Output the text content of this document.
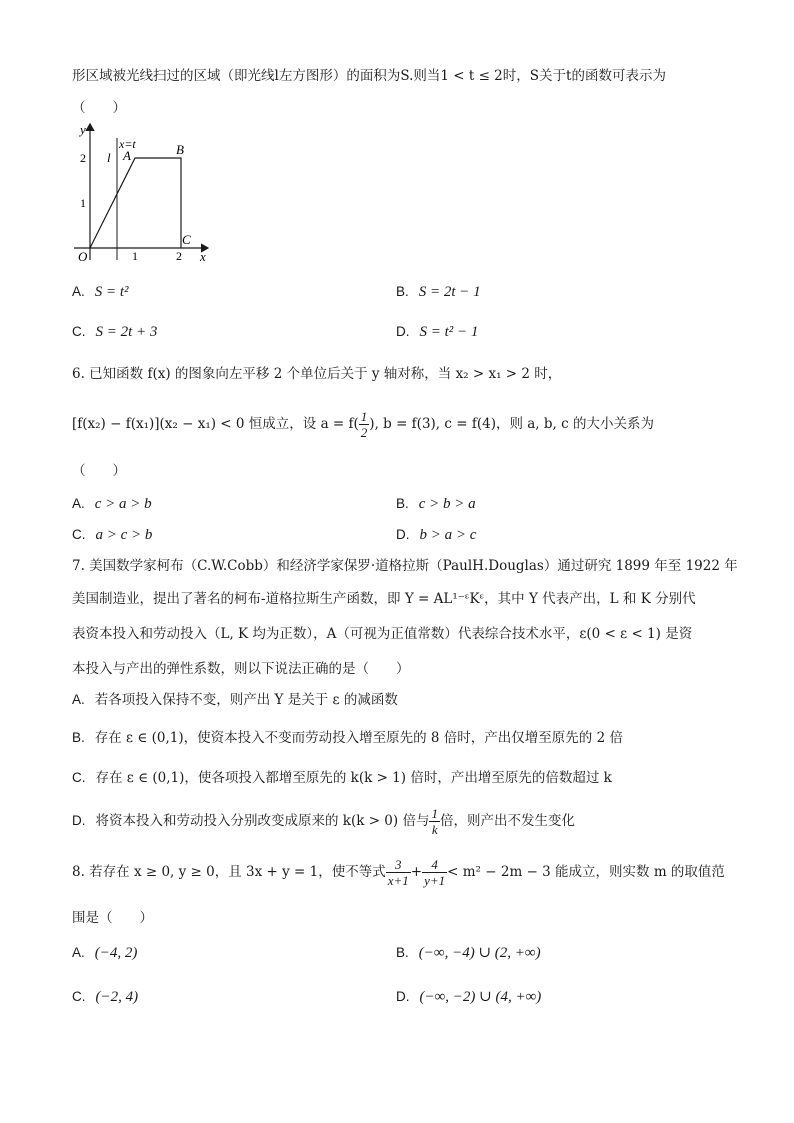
形区域被光线扫过的区域（即光线l左方图形）的面积为S.则当1 < t ≤ 2时，S关于t的函数可表示为
（　　）
y
x
O	1	2
1
2 l
x=t
A	B
C
A. S = t²	B. S = 2t − 1
C. S = 2t + 3	D. S = t² − 1
6. 已知函数 f(x) 的图象向左平移 2 个单位后关于 y 轴对称，当 x₂ > x₁ > 2 时，
[f(x₂) − f(x₁)](x₂ − x₁) < 0 恒成立，设 $a = f( \frac{1}{2}$ ), b = f(3), c = f(4)，则 a, b, c 的大小关系为
（　　）
A. c > a > b	B. c > b > a
C. a > c > b	D. b > a > c
7. 美国数学家柯布（C.W.Cobb）和经济学家保罗·道格拉斯（PaulH.Douglas）通过研究 1899 年至 1922 年
美国制造业，提出了著名的柯布-道格拉斯生产函数，即 Y = AL¹⁻ᵋKᵋ，其中 Y 代表产出，L 和 K 分别代
表资本投入和劳动投入（L, K 均为正数），A（可视为正值常数）代表综合技术水平，ε(0 < ε < 1) 是资
本投入与产出的弹性系数，则以下说法正确的是（　　）
A. 若各项投入保持不变，则产出 Y 是关于 ε 的减函数
B. 存在 ε ∈ (0,1)，使资本投入不变而劳动投入增至原先的 8 倍时，产出仅增至原先的 2 倍
C. 存在 ε ∈ (0,1)，使各项投入都增至原先的 k(k > 1) 倍时，产出增至原先的倍数超过 k
D. 将资本投入和劳动投入分别改变成原来的 k(k > 0) 倍与 $\frac{1}{k}$ 倍，则产出不发生变化
8. 若存在 x ≥ 0, y ≥ 0，且 3x + y = 1，使不等式 $\frac{3}{x+1} + \frac{4}{y+1} < m^2 - 2m - 3$ 能成立，则实数 m 的取值范
围是（　　）
A. (−4, 2)	B. (−∞, −4) ∪ (2, +∞)
C. (−2, 4)	D. (−∞, −2) ∪ (4, +∞)
